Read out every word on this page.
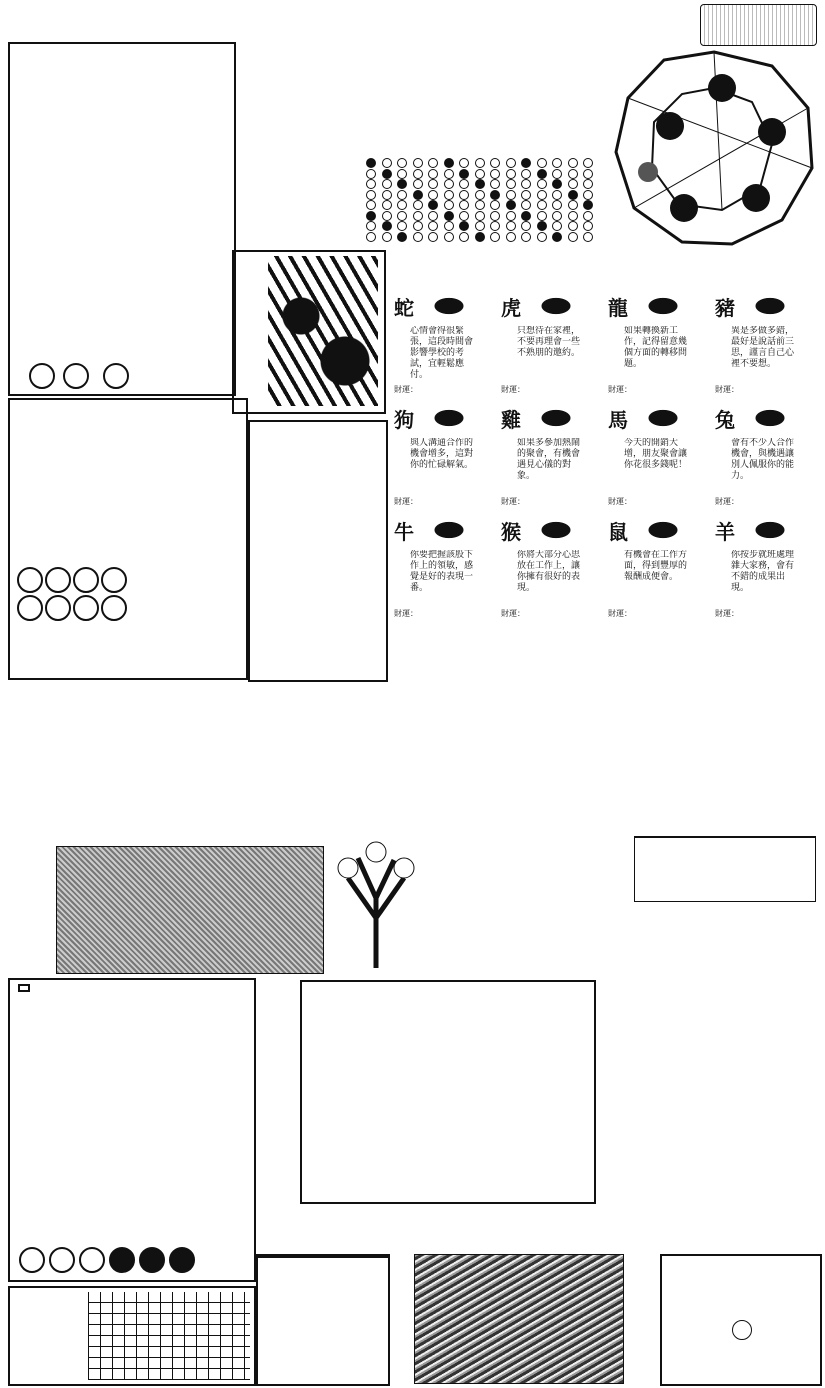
蛇
心情會得很緊張，這段時間會影響學校的考試，宜輕鬆應付。
財運：
虎
只想待在家裡，不要再理會一些不熟朋的邀約。
財運：
龍
如果轉換新工作，記得留意幾個方面的轉移問題。
財運：
豬
異是多做多錯，最好是說話前三思，謹言自己心裡不要想。
財運：
狗
與人溝通合作的機會增多，這對你的忙碌解氣。
財運：
雞
如果多參加熱鬧的聚會，有機會遇見心儀的對象。
財運：
馬
今天的開銷大增，朋友聚會讓你花很多錢呢！
財運：
兔
會有不少人合作機會，與機遇讓別人佩服你的能力。
財運：
牛
你要把握該股下作上的領敏，感覺是好的表現一番。
財運：
猴
你將大部分心思放在工作上，讓你擁有很好的表現。
財運：
鼠
有機會在工作方面，得到豐厚的報酬成便會。
財運：
羊
你按步就班處理雜大家務，會有不錯的成果出現。
財運：
